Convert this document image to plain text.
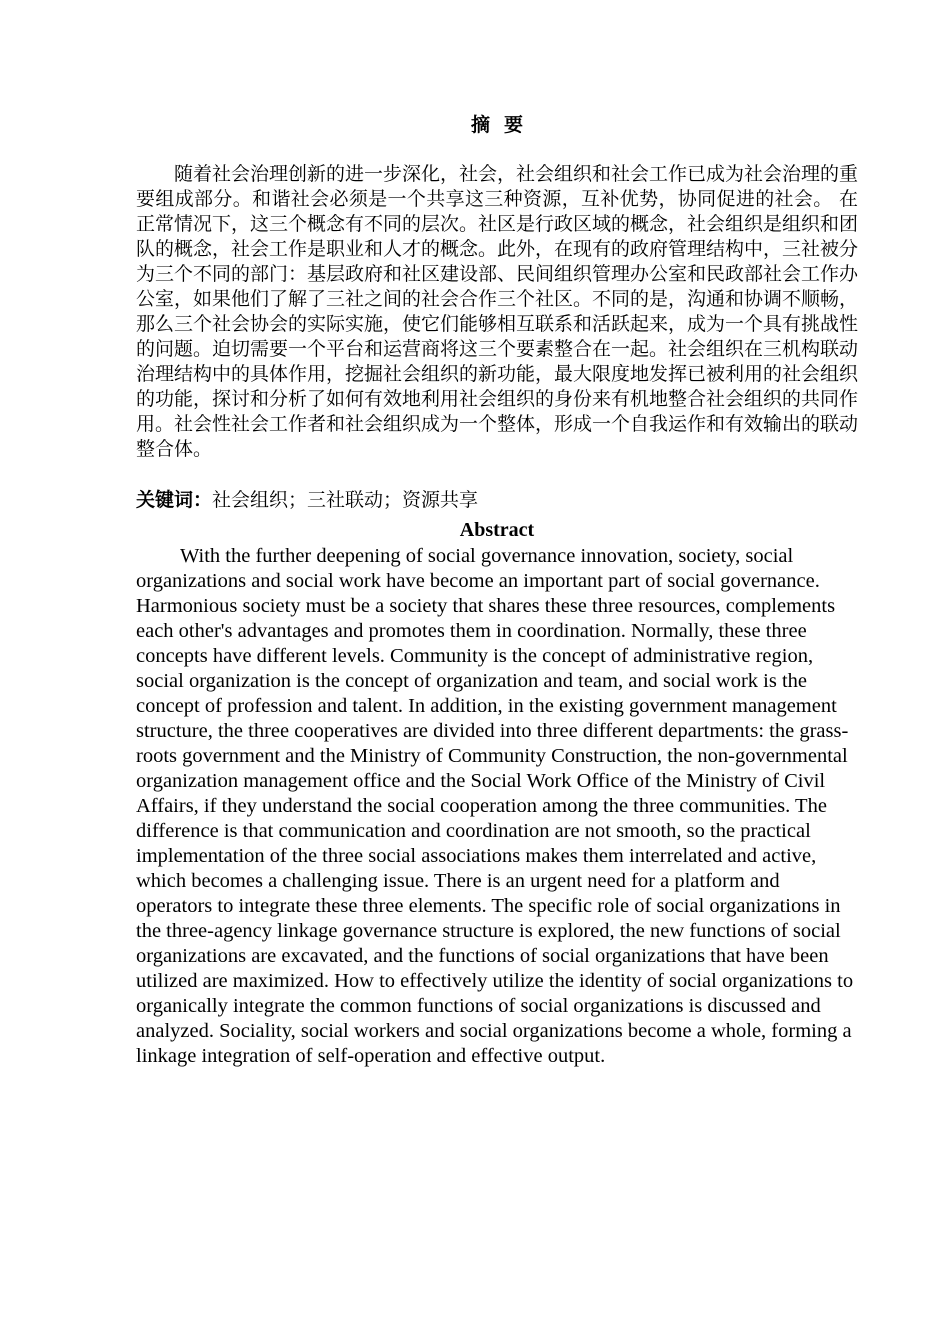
摘要

随着社会治理创新的进一步深化，社会，社会组织和社会工作已成为社会治理的重要组成部分。和谐社会必须是一个共享这三种资源，互补优势，协同促进的社会。 在正常情况下，这三个概念有不同的层次。社区是行政区域的概念，社会组织是组织和团队的概念，社会工作是职业和人才的概念。此外，在现有的政府管理结构中，三社被分为三个不同的部门：基层政府和社区建设部、民间组织管理办公室和民政部社会工作办公室，如果他们了解了三社之间的社会合作三个社区。不同的是，沟通和协调不顺畅，那么三个社会协会的实际实施，使它们能够相互联系和活跃起来，成为一个具有挑战性的问题。迫切需要一个平台和运营商将这三个要素整合在一起。社会组织在三机构联动治理结构中的具体作用，挖掘社会组织的新功能，最大限度地发挥已被利用的社会组织的功能，探讨和分析了如何有效地利用社会组织的身份来有机地整合社会组织的共同作用。社会性社会工作者和社会组织成为一个整体，形成一个自我运作和有效输出的联动整合体。

关键词：社会组织；三社联动；资源共享

Abstract

With the further deepening of social governance innovation, society, social organizations and social work have become an important part of social governance. Harmonious society must be a society that shares these three resources, complements each other's advantages and promotes them in coordination. Normally, these three concepts have different levels. Community is the concept of administrative region, social organization is the concept of organization and team, and social work is the concept of profession and talent. In addition, in the existing government management structure, the three cooperatives are divided into three different departments: the grass-roots government and the Ministry of Community Construction, the non-governmental organization management office and the Social Work Office of the Ministry of Civil Affairs, if they understand the social cooperation among the three communities. The difference is that communication and coordination are not smooth, so the practical implementation of the three social associations makes them interrelated and active, which becomes a challenging issue. There is an urgent need for a platform and operators to integrate these three elements. The specific role of social organizations in the three-agency linkage governance structure is explored, the new functions of social organizations are excavated, and the functions of social organizations that have been utilized are maximized. How to effectively utilize the identity of social organizations to organically integrate the common functions of social organizations is discussed and analyzed. Sociality, social workers and social organizations become a whole, forming a linkage integration of self-operation and effective output.
